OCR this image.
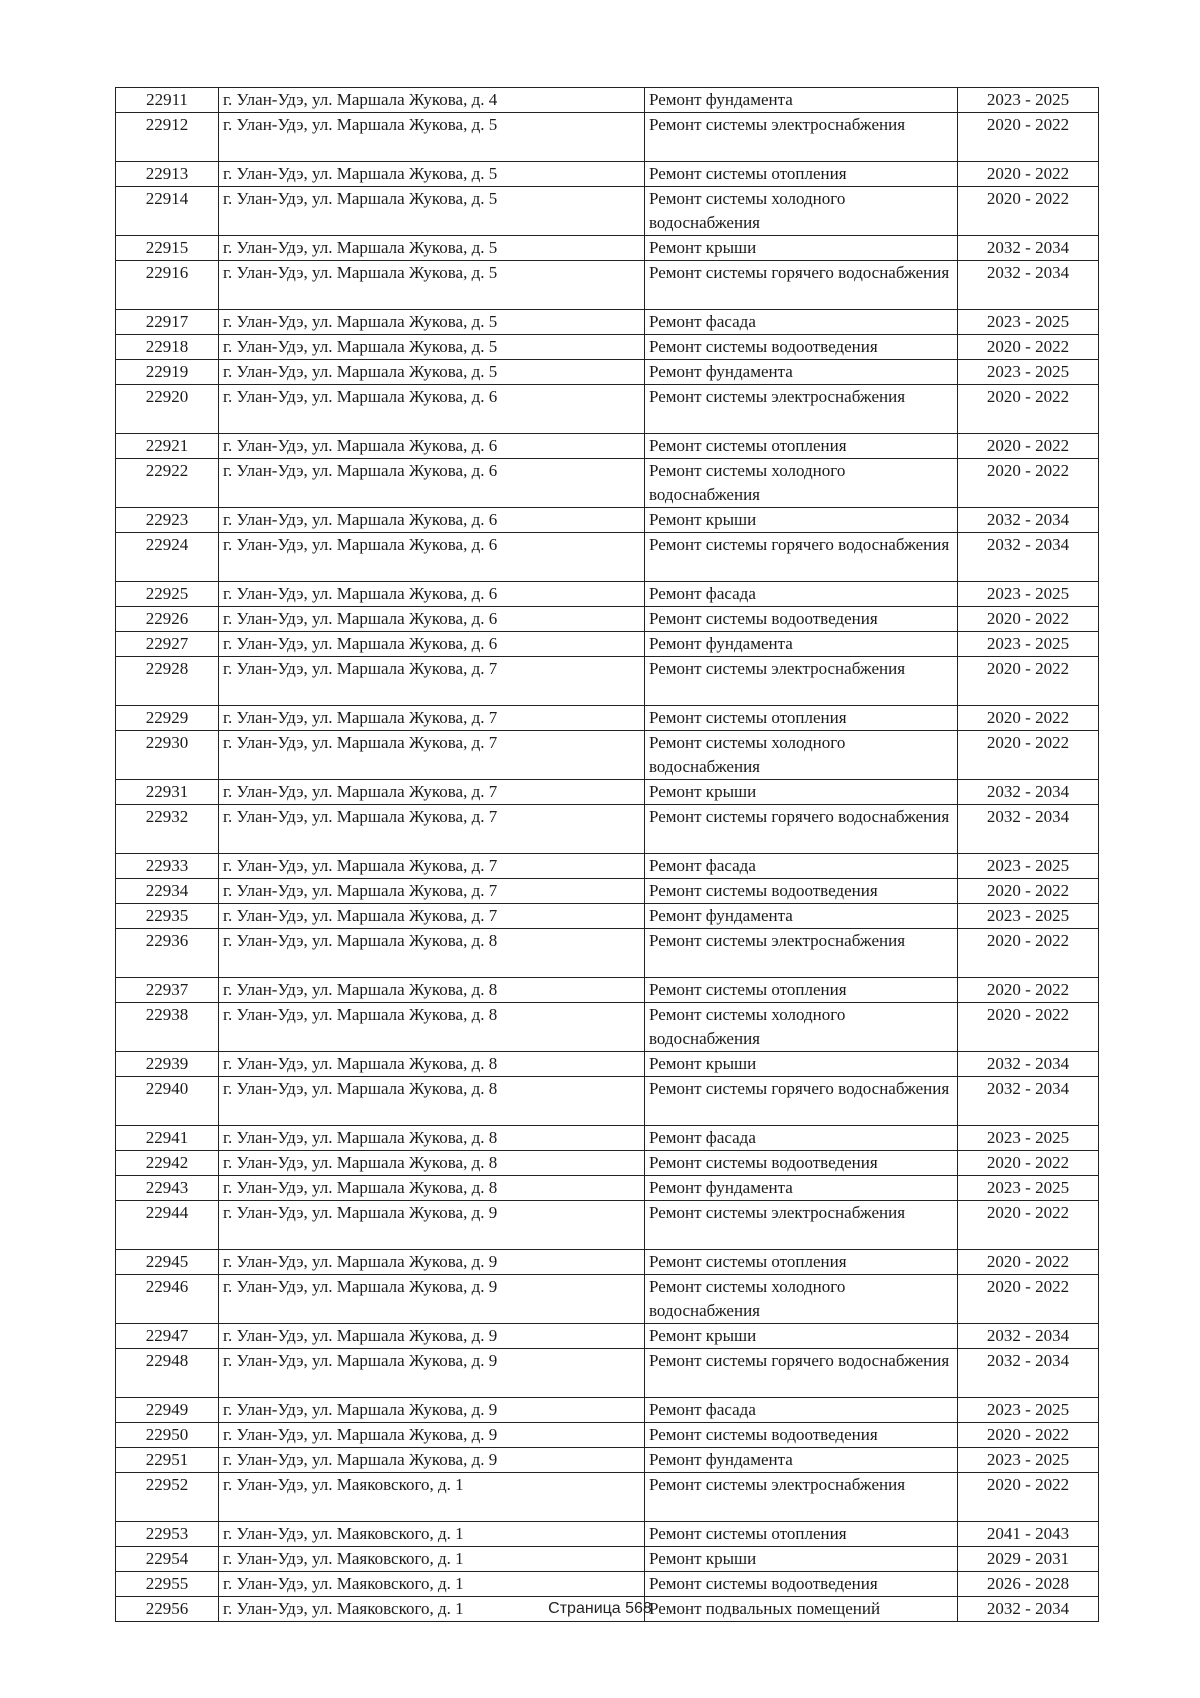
22911	г. Улан-Удэ, ул. Маршала Жукова, д. 4	Ремонт фундамента	2023 - 2025
22912	г. Улан-Удэ, ул. Маршала Жукова, д. 5	Ремонт системы электроснабжения	2020 - 2022
22913	г. Улан-Удэ, ул. Маршала Жукова, д. 5	Ремонт системы отопления	2020 - 2022
22914	г. Улан-Удэ, ул. Маршала Жукова, д. 5	Ремонт системы холодного водоснабжения	2020 - 2022
22915	г. Улан-Удэ, ул. Маршала Жукова, д. 5	Ремонт крыши	2032 - 2034
22916	г. Улан-Удэ, ул. Маршала Жукова, д. 5	Ремонт системы горячего водоснабжения	2032 - 2034
22917	г. Улан-Удэ, ул. Маршала Жукова, д. 5	Ремонт фасада	2023 - 2025
22918	г. Улан-Удэ, ул. Маршала Жукова, д. 5	Ремонт системы водоотведения	2020 - 2022
22919	г. Улан-Удэ, ул. Маршала Жукова, д. 5	Ремонт фундамента	2023 - 2025
22920	г. Улан-Удэ, ул. Маршала Жукова, д. 6	Ремонт системы электроснабжения	2020 - 2022
22921	г. Улан-Удэ, ул. Маршала Жукова, д. 6	Ремонт системы отопления	2020 - 2022
22922	г. Улан-Удэ, ул. Маршала Жукова, д. 6	Ремонт системы холодного водоснабжения	2020 - 2022
22923	г. Улан-Удэ, ул. Маршала Жукова, д. 6	Ремонт крыши	2032 - 2034
22924	г. Улан-Удэ, ул. Маршала Жукова, д. 6	Ремонт системы горячего водоснабжения	2032 - 2034
22925	г. Улан-Удэ, ул. Маршала Жукова, д. 6	Ремонт фасада	2023 - 2025
22926	г. Улан-Удэ, ул. Маршала Жукова, д. 6	Ремонт системы водоотведения	2020 - 2022
22927	г. Улан-Удэ, ул. Маршала Жукова, д. 6	Ремонт фундамента	2023 - 2025
22928	г. Улан-Удэ, ул. Маршала Жукова, д. 7	Ремонт системы электроснабжения	2020 - 2022
22929	г. Улан-Удэ, ул. Маршала Жукова, д. 7	Ремонт системы отопления	2020 - 2022
22930	г. Улан-Удэ, ул. Маршала Жукова, д. 7	Ремонт системы холодного водоснабжения	2020 - 2022
22931	г. Улан-Удэ, ул. Маршала Жукова, д. 7	Ремонт крыши	2032 - 2034
22932	г. Улан-Удэ, ул. Маршала Жукова, д. 7	Ремонт системы горячего водоснабжения	2032 - 2034
22933	г. Улан-Удэ, ул. Маршала Жукова, д. 7	Ремонт фасада	2023 - 2025
22934	г. Улан-Удэ, ул. Маршала Жукова, д. 7	Ремонт системы водоотведения	2020 - 2022
22935	г. Улан-Удэ, ул. Маршала Жукова, д. 7	Ремонт фундамента	2023 - 2025
22936	г. Улан-Удэ, ул. Маршала Жукова, д. 8	Ремонт системы электроснабжения	2020 - 2022
22937	г. Улан-Удэ, ул. Маршала Жукова, д. 8	Ремонт системы отопления	2020 - 2022
22938	г. Улан-Удэ, ул. Маршала Жукова, д. 8	Ремонт системы холодного водоснабжения	2020 - 2022
22939	г. Улан-Удэ, ул. Маршала Жукова, д. 8	Ремонт крыши	2032 - 2034
22940	г. Улан-Удэ, ул. Маршала Жукова, д. 8	Ремонт системы горячего водоснабжения	2032 - 2034
22941	г. Улан-Удэ, ул. Маршала Жукова, д. 8	Ремонт фасада	2023 - 2025
22942	г. Улан-Удэ, ул. Маршала Жукова, д. 8	Ремонт системы водоотведения	2020 - 2022
22943	г. Улан-Удэ, ул. Маршала Жукова, д. 8	Ремонт фундамента	2023 - 2025
22944	г. Улан-Удэ, ул. Маршала Жукова, д. 9	Ремонт системы электроснабжения	2020 - 2022
22945	г. Улан-Удэ, ул. Маршала Жукова, д. 9	Ремонт системы отопления	2020 - 2022
22946	г. Улан-Удэ, ул. Маршала Жукова, д. 9	Ремонт системы холодного водоснабжения	2020 - 2022
22947	г. Улан-Удэ, ул. Маршала Жукова, д. 9	Ремонт крыши	2032 - 2034
22948	г. Улан-Удэ, ул. Маршала Жукова, д. 9	Ремонт системы горячего водоснабжения	2032 - 2034
22949	г. Улан-Удэ, ул. Маршала Жукова, д. 9	Ремонт фасада	2023 - 2025
22950	г. Улан-Удэ, ул. Маршала Жукова, д. 9	Ремонт системы водоотведения	2020 - 2022
22951	г. Улан-Удэ, ул. Маршала Жукова, д. 9	Ремонт фундамента	2023 - 2025
22952	г. Улан-Удэ, ул. Маяковского, д. 1	Ремонт системы электроснабжения	2020 - 2022
22953	г. Улан-Удэ, ул. Маяковского, д. 1	Ремонт системы отопления	2041 - 2043
22954	г. Улан-Удэ, ул. Маяковского, д. 1	Ремонт крыши	2029 - 2031
22955	г. Улан-Удэ, ул. Маяковского, д. 1	Ремонт системы водоотведения	2026 - 2028
22956	г. Улан-Удэ, ул. Маяковского, д. 1	Ремонт подвальных помещений	2032 - 2034
Страница 568
